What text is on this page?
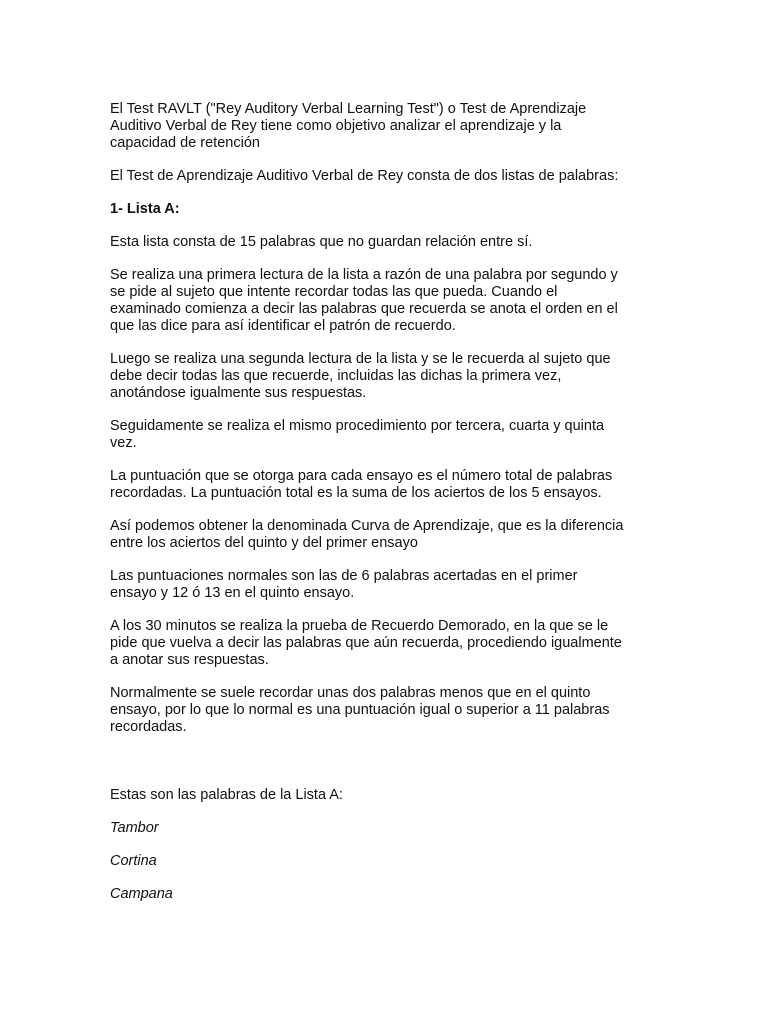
El Test RAVLT ("Rey Auditory Verbal Learning Test") o Test de Aprendizaje
Auditivo Verbal de Rey tiene como objetivo analizar el aprendizaje y la
capacidad de retención

El Test de Aprendizaje Auditivo Verbal de Rey consta de dos listas de palabras:

1- Lista A:

Esta lista consta de 15 palabras que no guardan relación entre sí.

Se realiza una primera lectura de la lista a razón de una palabra por segundo y
se pide al sujeto que intente recordar todas las que pueda. Cuando el
examinado comienza a decir las palabras que recuerda se anota el orden en el
que las dice para así identificar el patrón de recuerdo.

Luego se realiza una segunda lectura de la lista y se le recuerda al sujeto que
debe decir todas las que recuerde, incluidas las dichas la primera vez,
anotándose igualmente sus respuestas.

Seguidamente se realiza el mismo procedimiento por tercera, cuarta y quinta
vez.

La puntuación que se otorga para cada ensayo es el número total de palabras
recordadas. La puntuación total es la suma de los aciertos de los 5 ensayos.

Así podemos obtener la denominada Curva de Aprendizaje, que es la diferencia
entre los aciertos del quinto y del primer ensayo

Las puntuaciones normales son las de 6 palabras acertadas en el primer
ensayo y 12 ó 13 en el quinto ensayo.

A los 30 minutos se realiza la prueba de Recuerdo Demorado, en la que se le
pide que vuelva a decir las palabras que aún recuerda, procediendo igualmente
a anotar sus respuestas.

Normalmente se suele recordar unas dos palabras menos que en el quinto
ensayo, por lo que lo normal es una puntuación igual o superior a 11 palabras
recordadas.

Estas son las palabras de la Lista A:

Tambor

Cortina

Campana
